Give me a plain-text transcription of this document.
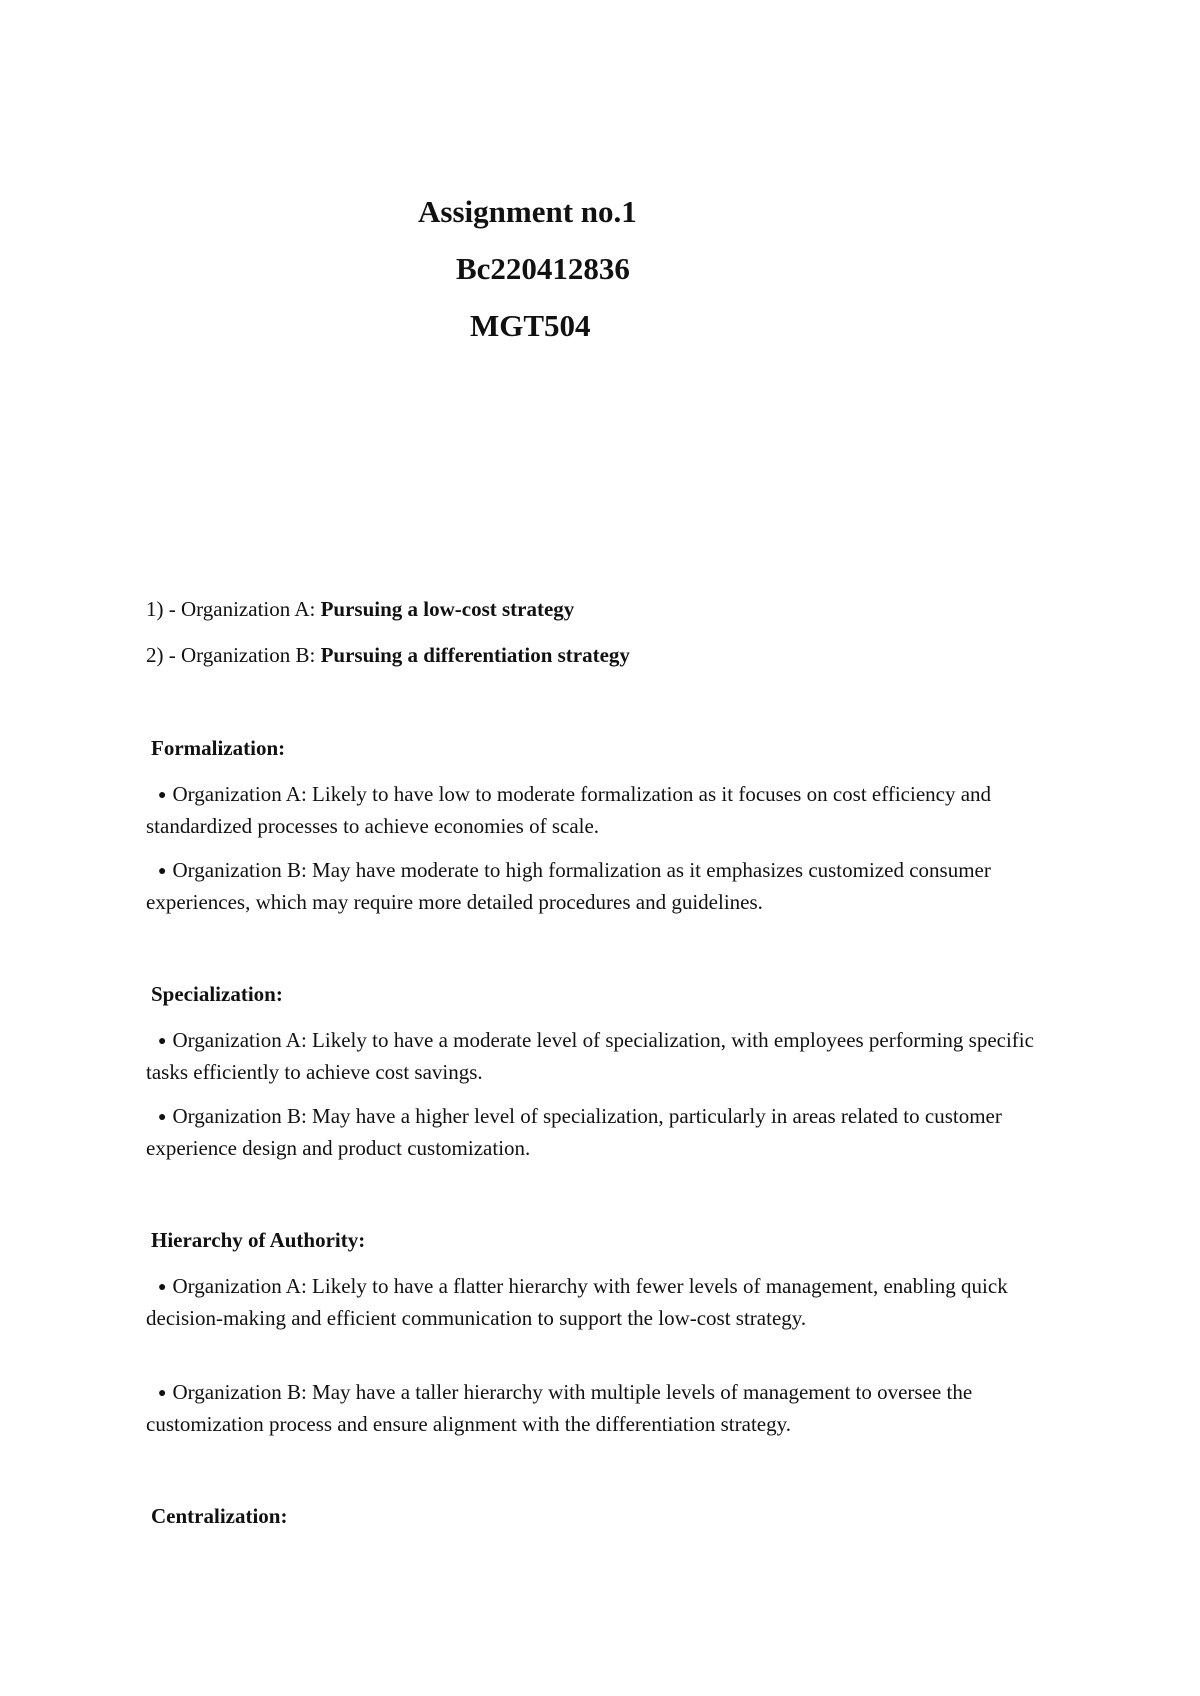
Assignment no.1
Bc220412836
MGT504
1) - Organization A: Pursuing a low-cost strategy
2) - Organization B: Pursuing a differentiation strategy
Formalization:
● Organization A: Likely to have low to moderate formalization as it focuses on cost efficiency and standardized processes to achieve economies of scale.
● Organization B: May have moderate to high formalization as it emphasizes customized consumer experiences, which may require more detailed procedures and guidelines.
Specialization:
● Organization A: Likely to have a moderate level of specialization, with employees performing specific tasks efficiently to achieve cost savings.
● Organization B: May have a higher level of specialization, particularly in areas related to customer experience design and product customization.
Hierarchy of Authority:
● Organization A: Likely to have a flatter hierarchy with fewer levels of management, enabling quick decision-making and efficient communication to support the low-cost strategy.
● Organization B: May have a taller hierarchy with multiple levels of management to oversee the customization process and ensure alignment with the differentiation strategy.
Centralization:
